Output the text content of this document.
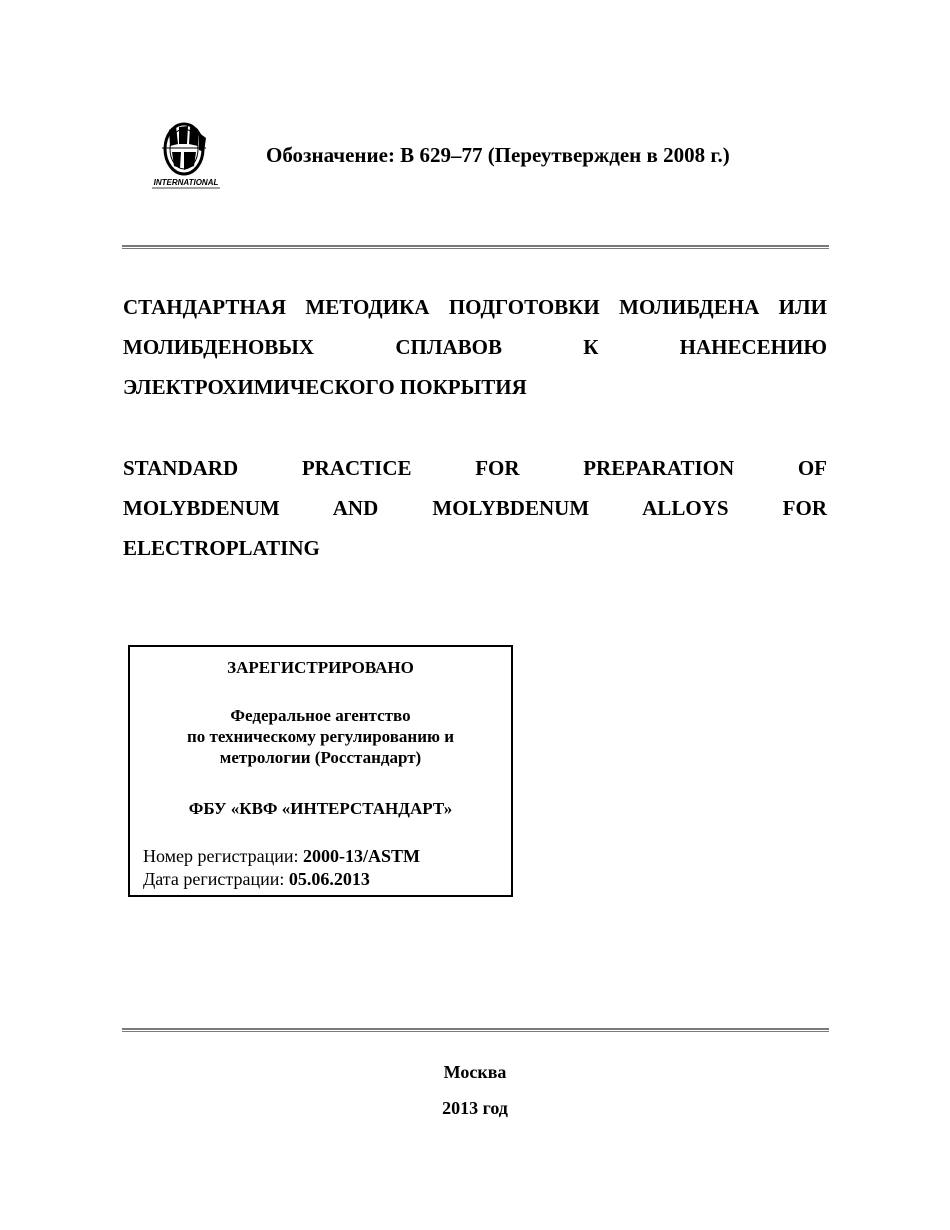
INTERNATIONAL
Обозначение: B 629–77 (Переутвержден в 2008 г.)
СТАНДАРТНАЯ МЕТОДИКА ПОДГОТОВКИ МОЛИБДЕНА ИЛИ
МОЛИБДЕНОВЫХ СПЛАВОВ К НАНЕСЕНИЮ
ЭЛЕКТРОХИМИЧЕСКОГО ПОКРЫТИЯ
STANDARD PRACTICE FOR PREPARATION OF
MOLYBDENUM AND MOLYBDENUM ALLOYS FOR
ELECTROPLATING
ЗАРЕГИСТРИРОВАНО
Федеральное агентство
по техническому регулированию и
метрологии (Росстандарт)
ФБУ «КВФ «ИНТЕРСТАНДАРТ»
Номер регистрации: 2000-13/ASTM
Дата регистрации: 05.06.2013
Москва
2013 год
